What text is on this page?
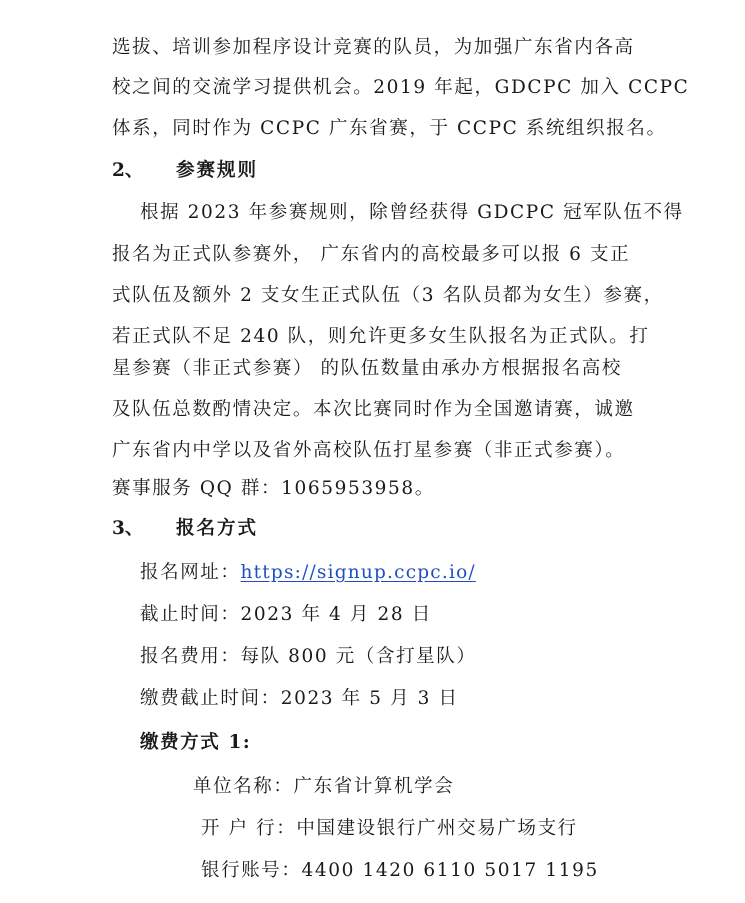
选拔、培训参加程序设计竞赛的队员，为加强广东省内各高
校之间的交流学习提供机会。2019 年起，GDCPC 加入 CCPC
体系，同时作为 CCPC 广东省赛，于 CCPC 系统组织报名。
2、 参赛规则
根据 2023 年参赛规则，除曾经获得 GDCPC 冠军队伍不得
报名为正式队参赛外， 广东省内的高校最多可以报 6 支正
式队伍及额外 2 支女生正式队伍（3 名队员都为女生）参赛，
若正式队不足 240 队，则允许更多女生队报名为正式队。打
星参赛（非正式参赛） 的队伍数量由承办方根据报名高校
及队伍总数酌情决定。本次比赛同时作为全国邀请赛，诚邀
广东省内中学以及省外高校队伍打星参赛（非正式参赛）。
赛事服务 QQ 群：1065953958。
3、 报名方式
报名网址：https://signup.ccpc.io/
截止时间：2023 年 4 月 28 日
报名费用：每队 800 元（含打星队）
缴费截止时间：2023 年 5 月 3 日
缴费方式 1:
单位名称：广东省计算机学会
开 户 行：中国建设银行广州交易广场支行
银行账号：4400 1420 6110 5017 1195
